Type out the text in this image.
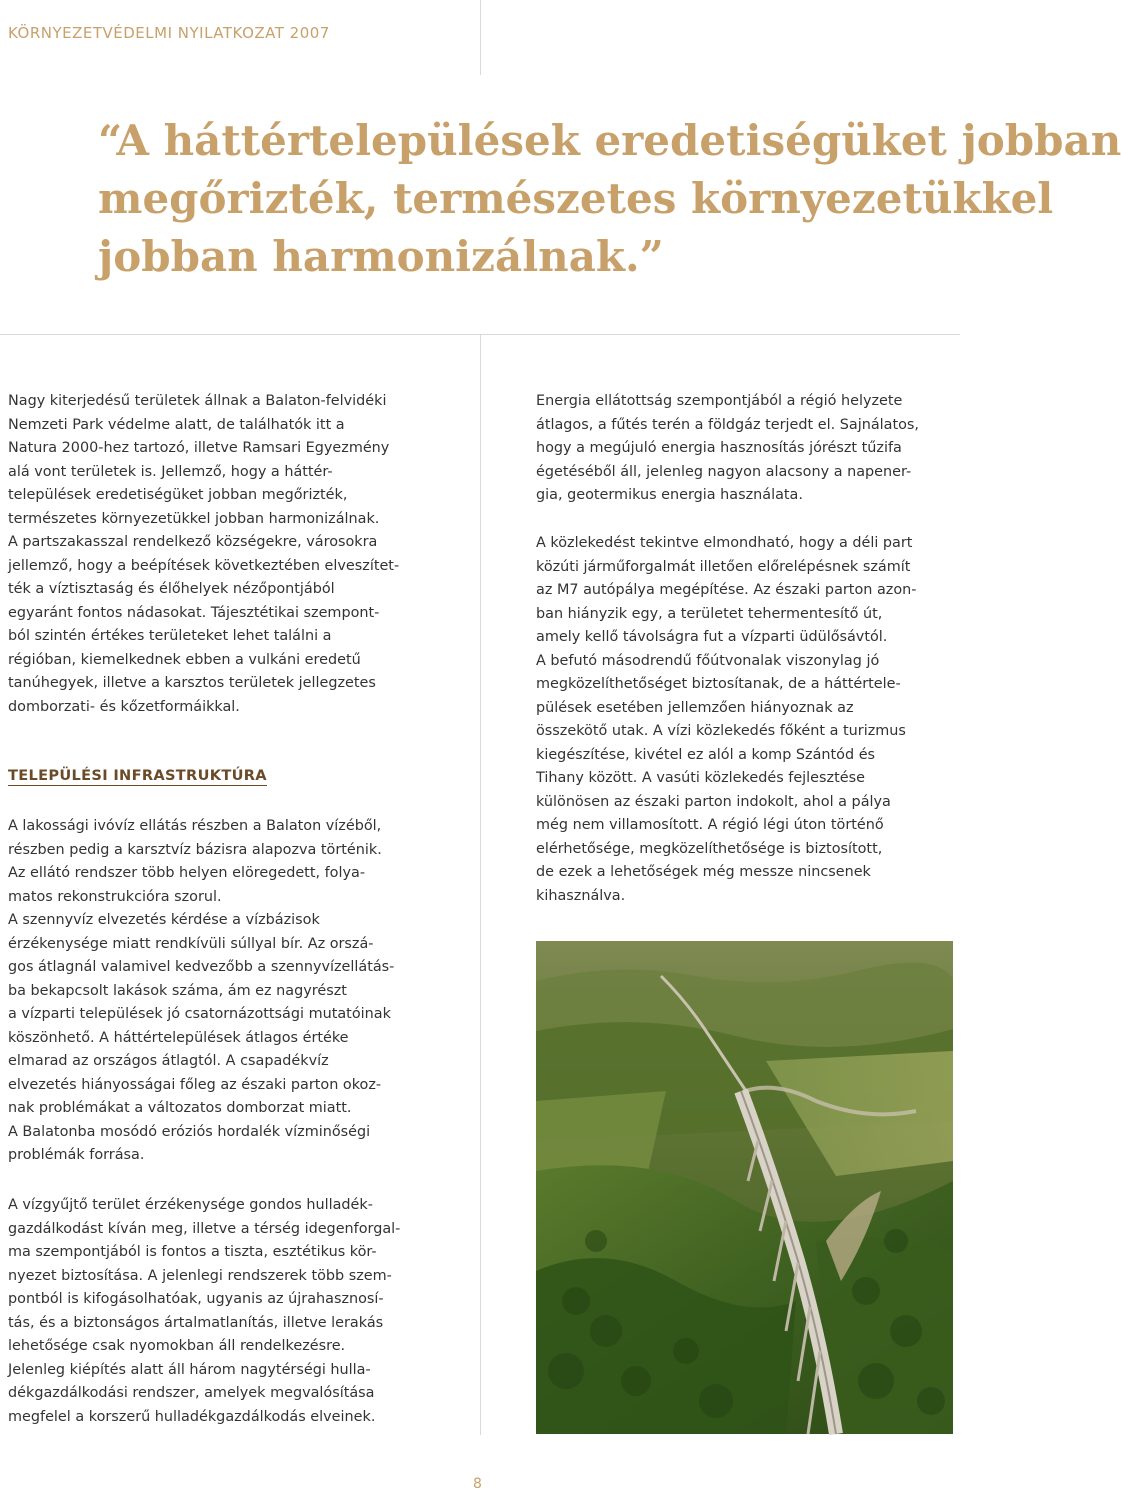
KÖRNYEZETVÉDELMI NYILATKOZAT 2007
“A háttértelepülések eredetiségüket jobban
megőrizték, természetes környezetükkel
jobban harmonizálnak.”

Nagy kiterjedésű területek állnak a Balaton-felvidéki
Nemzeti Park védelme alatt, de találhatók itt a
Natura 2000-hez tartozó, illetve Ramsari Egyezmény
alá vont területek is. Jellemző, hogy a háttér-
települések eredetiségüket jobban megőrizték,
természetes környezetükkel jobban harmonizálnak.
A partszakasszal rendelkező községekre, városokra
jellemző, hogy a beépítések következtében elveszítet-
ték a víztisztaság és élőhelyek nézőpontjából
egyaránt fontos nádasokat. Tájesztétikai szempont-
ból szintén értékes területeket lehet találni a
régióban, kiemelkednek ebben a vulkáni eredetű
tanúhegyek, illetve a karsztos területek jellegzetes
domborzati- és kőzetformáikkal.

TELEPÜLÉSI INFRASTRUKTÚRA

A lakossági ivóvíz ellátás részben a Balaton vízéből,
részben pedig a karsztvíz bázisra alapozva történik.
Az ellátó rendszer több helyen elöregedett, folya-
matos rekonstrukcióra szorul.
A szennyvíz elvezetés kérdése a vízbázisok
érzékenysége miatt rendkívüli súllyal bír. Az orszá-
gos átlagnál valamivel kedvezőbb a szennyvízellátás-
ba bekapcsolt lakások száma, ám ez nagyrészt
a vízparti települések jó csatornázottsági mutatóinak
köszönhető. A háttértelepülések átlagos értéke
elmarad az országos átlagtól. A csapadékvíz
elvezetés hiányosságai főleg az északi parton okoz-
nak problémákat a változatos domborzat miatt.
A Balatonba mosódó eróziós hordalék vízminőségi
problémák forrása.

A vízgyűjtő terület érzékenysége gondos hulladék-
gazdálkodást kíván meg, illetve a térség idegenforgal-
ma szempontjából is fontos a tiszta, esztétikus kör-
nyezet biztosítása. A jelenlegi rendszerek több szem-
pontból is kifogásolhatóak, ugyanis az újrahasznosí-
tás, és a biztonságos ártalmatlanítás, illetve lerakás
lehetősége csak nyomokban áll rendelkezésre.
Jelenleg kiépítés alatt áll három nagytérségi hulla-
dékgazdálkodási rendszer, amelyek megvalósítása
megfelel a korszerű hulladékgazdálkodás elveinek.

Energia ellátottság szempontjából a régió helyzete
átlagos, a fűtés terén a földgáz terjedt el. Sajnálatos,
hogy a megújuló energia hasznosítás jórészt tűzifa
égetéséből áll, jelenleg nagyon alacsony a napener-
gia, geotermikus energia használata.

A közlekedést tekintve elmondható, hogy a déli part
közúti járműforgalmát illetően előrelépésnek számít
az M7 autópálya megépítése. Az északi parton azon-
ban hiányzik egy, a területet tehermentesítő út,
amely kellő távolságra fut a vízparti üdülősávtól.
A befutó másodrendű főútvonalak viszonylag jó
megközelíthetőséget biztosítanak, de a háttértele-
pülések esetében jellemzően hiányoznak az
összekötő utak. A vízi közlekedés főként a turizmus
kiegészítése, kivétel ez alól a komp Szántód és
Tihany között. A vasúti közlekedés fejlesztése
különösen az északi parton indokolt, ahol a pálya
még nem villamosított. A régió légi úton történő
elérhetősége, megközelíthetősége is biztosított,
de ezek a lehetőségek még messze nincsenek
kihasználva.

8
